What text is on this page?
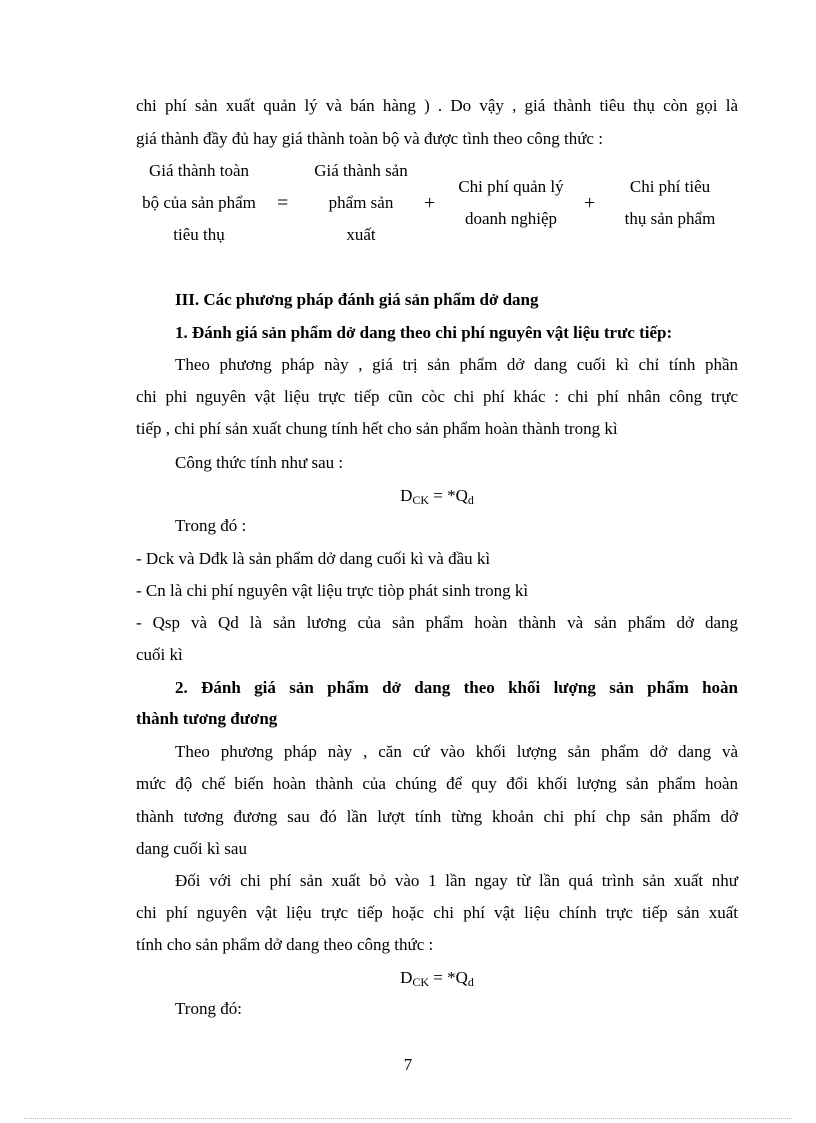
chi phí sản xuất quản lý và bán hàng ) . Do vậy , giá thành tiêu thụ còn gọi là
giá thành đầy đủ hay giá thành toàn bộ và được tình theo công thức :
Giá thành toàn
bộ của sản phẩm
tiêu thụ
=
Giá thành sản
phẩm sản
xuất
+
Chi phí quản lý
doanh nghiệp
+
Chi phí tiêu
thụ sản phẩm
III. Các phương pháp đánh giá sản phẩm dở dang
1. Đánh giá sản phẩm dở dang theo chi phí nguyên vật liệu trưc tiếp:
Theo phương pháp này , giá trị sản phẩm dở dang cuối kì chỉ tính phần
chi phi nguyên vật liệu trực tiếp cũn còc chi phí khác : chi phí nhân công trực
tiếp , chi phí sản xuất chung tính hết cho sản phẩm hoàn thành trong kì
Công thức tính như sau :
$D_{CK} = *Q_d$
Trong đó :
- Dck và Dđk là sản phẩm dở dang cuối kì và đầu kì
- Cn là chi phí nguyên vật liệu trực tiòp phát sinh trong kì
- Qsp và Qd là sản lương của sản phẩm hoàn thành và sản phẩm dở dang
cuối kì
2. Đánh giá sản phẩm dở dang theo khối lượng sản phẩm hoàn
thành tương đương
Theo phương pháp này , căn cứ vào khối lượng sản phẩm dở dang và
mức độ chế biến hoàn thành của chúng để quy đổi khối lượng sản phẩm hoàn
thành tương đương sau đó lần lượt tính từng khoản chi phí chp sản phẩm dở
dang cuối kì sau
Đối với chi phí sản xuất bỏ vào 1 lần ngay từ lần quá trình sản xuất như
chi phí nguyên vật liệu trực tiếp hoặc chi phí vật liệu chính trực tiếp sản xuất
tính cho sản phẩm dở dang theo công thức :
$D_{CK} = *Q_d$
Trong đó:
7
